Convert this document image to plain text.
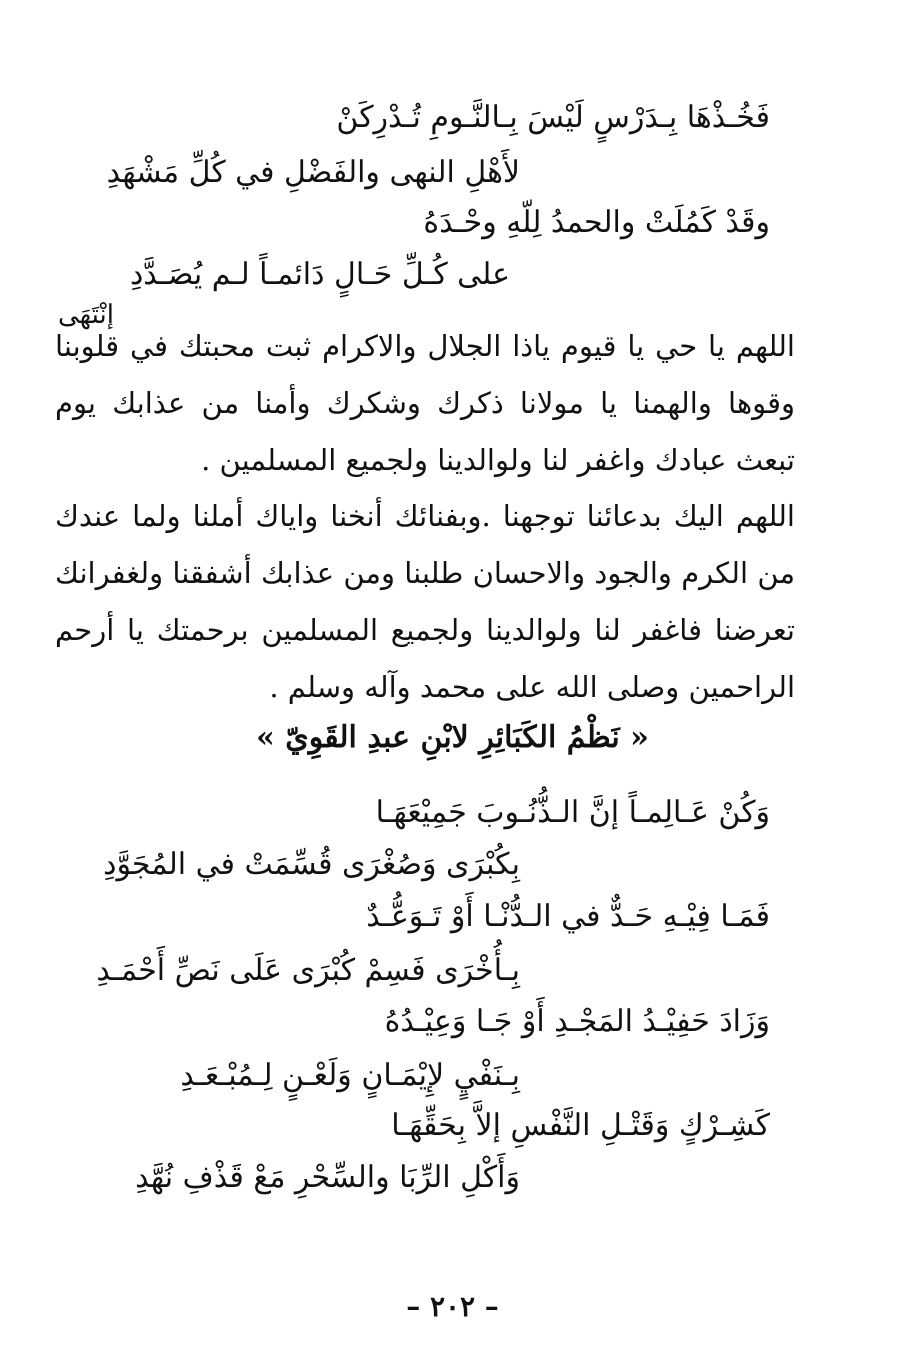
فَخُـذْهَا بِـدَرْسٍ لَيْسَ بِـالنَّـومِ تُـدْرِكَنْ
لأَهْلِ النهى والفَضْلِ في كُلِّ مَشْهَدِ
وقَدْ كَمُلَتْ والحمدُ لِلّهِ وحْـدَهُ
على كُـلِّ حَـالٍ دَائمـاً لـم يُصَـدَّدِ
إنْتَهَى
اللهم يا حي يا قيوم ياذا الجلال والاكرام ثبت محبتك في قلوبنا وقوها والهمنا يا مولانا ذكرك وشكرك وأمنا من عذابك يوم تبعث عبادك واغفر لنا ولوالدينا ولجميع المسلمين .
اللهم اليك بدعائنا توجهنا .وبفنائك أنخنا واياك أملنا ولما عندك من الكرم والجود والاحسان طلبنا ومن عذابك أشفقنا ولغفرانك تعرضنا فاغفر لنا ولوالدينا ولجميع المسلمين برحمتك يا أرحم الراحمين وصلى الله على محمد وآله وسلم .
« نَظْمُ الكَبَائِرِ لابْنِ عبدِ القَوِيّ »
وَكُنْ عَـالِمـاً إنَّ الـذُّنُـوبَ جَمِيْعَهَـا
بِكُبْرَى وَصُغْرَى قُسِّمَتْ في المُجَوَّدِ
فَمَـا فِيْـهِ حَـدٌّ في الـدُّنْـا أَوْ تَـوَعُّـدٌ
بِـأُخْرَى فَسِمْ كُبْرَى عَلَى نَصِّ أَحْمَـدِ
وَزَادَ حَفِيْـدُ المَجْـدِ أَوْ جَـا وَعِيْـدُهُ
بِـنَفْيٍ لإِيْمَـانٍ وَلَعْـنٍ لِـمُبْـعَـدِ
كَشِـرْكٍ وَقَتْـلِ النَّفْسِ إلاَّ بِحَقِّهَـا
وَأَكْلِ الرِّبَا والسِّحْرِ مَعْ قَذْفِ نُهَّدِ
– ٢٠٢ –
